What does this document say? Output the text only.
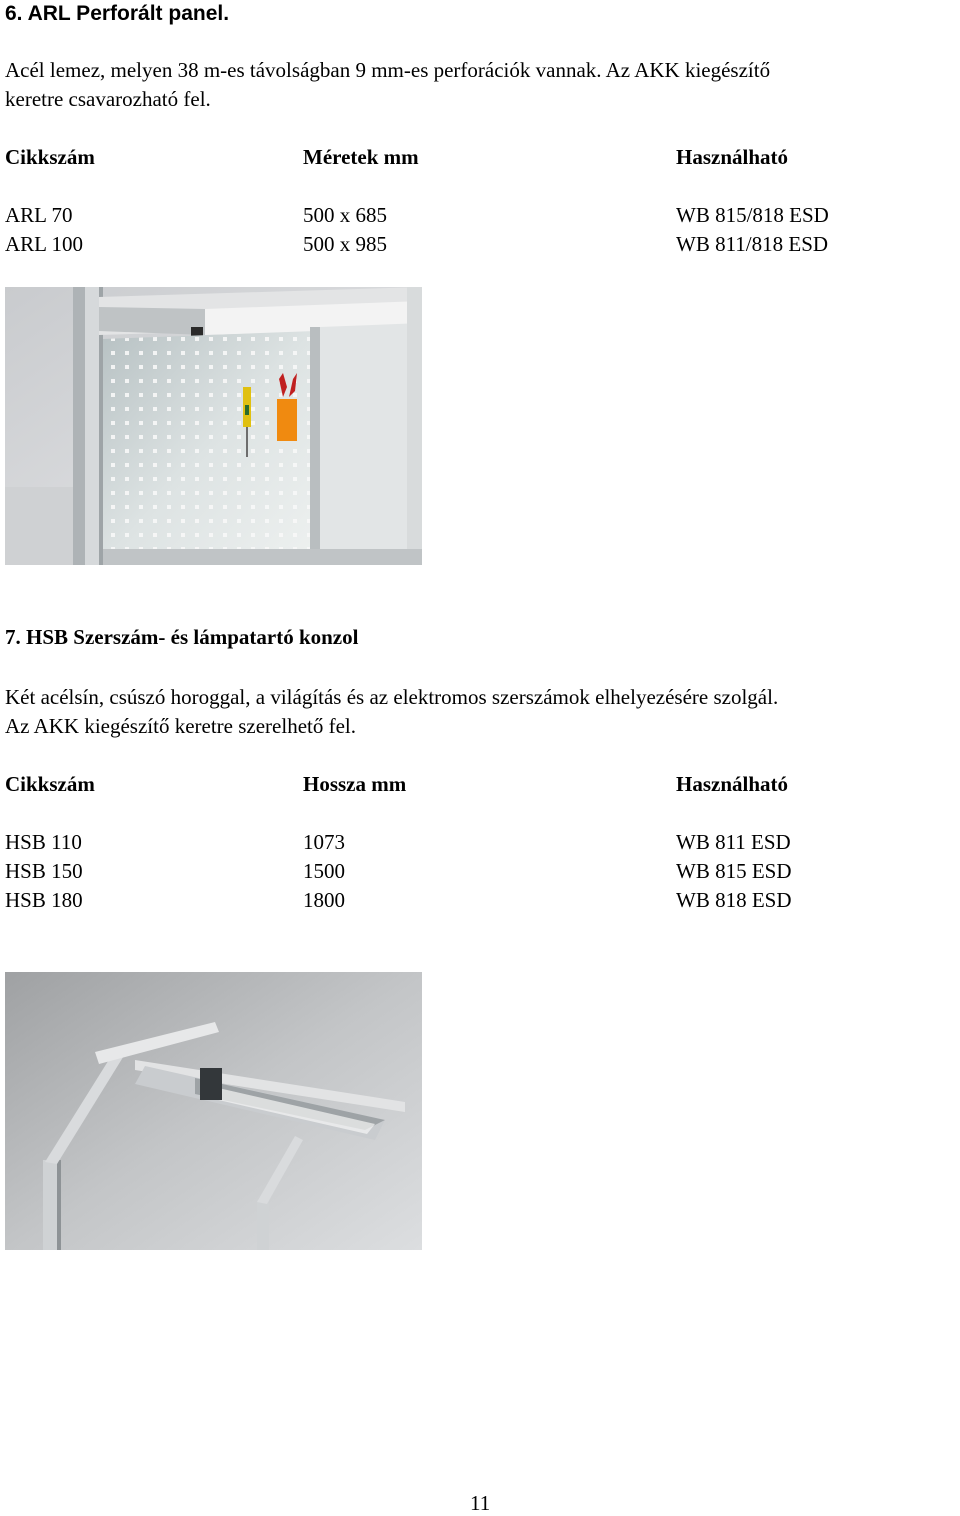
6. ARL Perforált panel.
Acél lemez, melyen 38 m-es távolságban 9 mm-es perforációk vannak. Az AKK kiegészítő
keretre csavarozható fel.
Cikkszám	Méretek mm	Használható
ARL 70	500 x 685	WB 815/818 ESD
ARL 100	500 x 985	WB 811/818 ESD
7. HSB Szerszám- és lámpatartó konzol
Két acélsín, csúszó horoggal, a világítás és az elektromos szerszámok elhelyezésére szolgál.
Az AKK kiegészítő keretre szerelhető fel.
Cikkszám	Hossza mm	Használható
HSB 110	1073	WB 811 ESD
HSB 150	1500	WB 815 ESD
HSB 180	1800	WB 818 ESD
11
